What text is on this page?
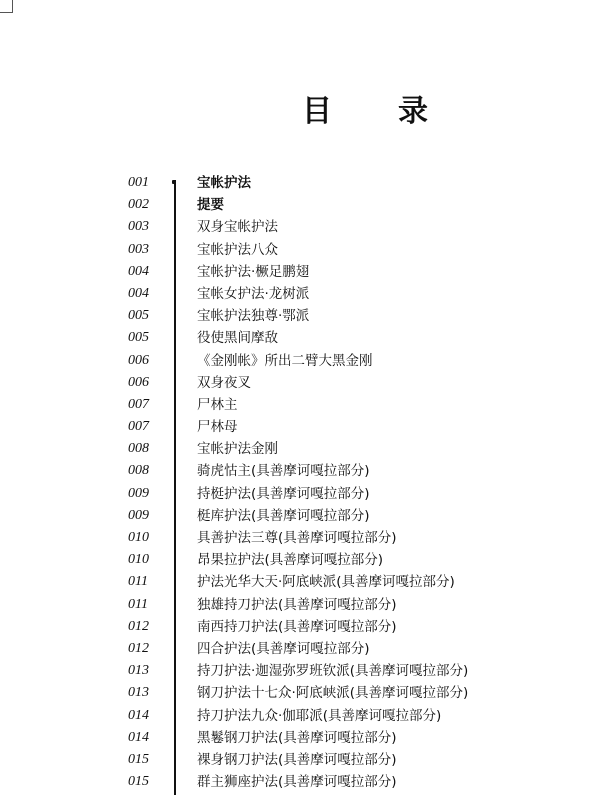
目 录
001	宝帐护法
002	提要
003	双身宝帐护法
003	宝帐护法八众
004	宝帐护法·橛足鹏翅
004	宝帐女护法·龙树派
005	宝帐护法独尊·鄂派
005	役使黑间摩敌
006	《金刚帐》所出二臂大黑金刚
006	双身夜叉
007	尸林主
007	尸林母
008	宝帐护法金刚
008	骑虎怙主(具善摩诃嘎拉部分)
009	持梃护法(具善摩诃嘎拉部分)
009	梃库护法(具善摩诃嘎拉部分)
010	具善护法三尊(具善摩诃嘎拉部分)
010	昂果拉护法(具善摩诃嘎拉部分)
011	护法光华大天·阿底峡派(具善摩诃嘎拉部分)
011	独雄持刀护法(具善摩诃嘎拉部分)
012	南西持刀护法(具善摩诃嘎拉部分)
012	四合护法(具善摩诃嘎拉部分)
013	持刀护法·迦湿弥罗班钦派(具善摩诃嘎拉部分)
013	钢刀护法十七众·阿底峡派(具善摩诃嘎拉部分)
014	持刀护法九众·伽耶派(具善摩诃嘎拉部分)
014	黑鬈钢刀护法(具善摩诃嘎拉部分)
015	裸身钢刀护法(具善摩诃嘎拉部分)
015	群主狮座护法(具善摩诃嘎拉部分)
